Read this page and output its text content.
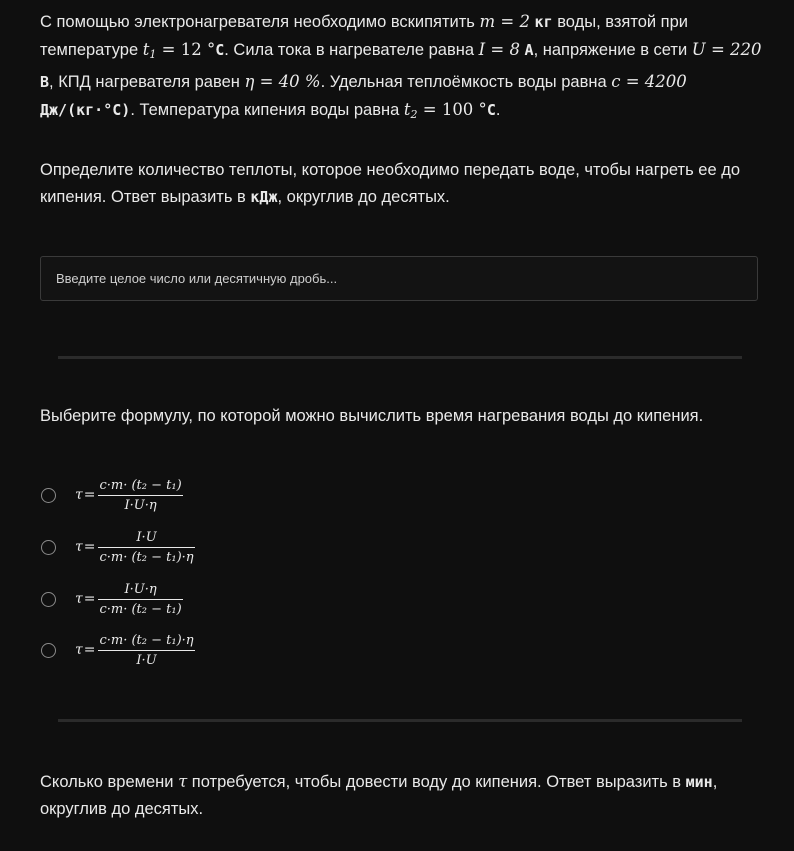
С помощью электронагревателя необходимо вскипятить m = 2 кг воды, взятой при температуре $t_1 = 12$ °C. Сила тока в нагревателе равна I = 8 A, напряжение в сети U = 220 B, КПД нагревателя равен η = 40 %. Удельная теплоёмкость воды равна c = 4200 Дж/(кг·°C). Температура кипения воды равна $t_2 = 100$ °C.
Определите количество теплоты, которое необходимо передать воде, чтобы нагреть ее до кипения. Ответ выразить в кДж, округлив до десятых.
Введите целое число или десятичную дробь...
Выберите формулу, по которой можно вычислить время нагревания воды до кипения.
$\tau = \frac{\text{c·m· (t₂ − t₁)}}{I\cdot U\cdot\eta}$
$\tau = \frac{I\cdot U}{\text{c·m· (t₂ − t₁)·η}}$
$\tau = \frac{I\cdot U\cdot\eta}{\text{c·m· (t₂ − t₁)}}$
$\tau = \frac{\text{c·m· (t₂ − t₁)·η}}{I\cdot U}$
Сколько времени τ потребуется, чтобы довести воду до кипения. Ответ выразить в мин, округлив до десятых.
